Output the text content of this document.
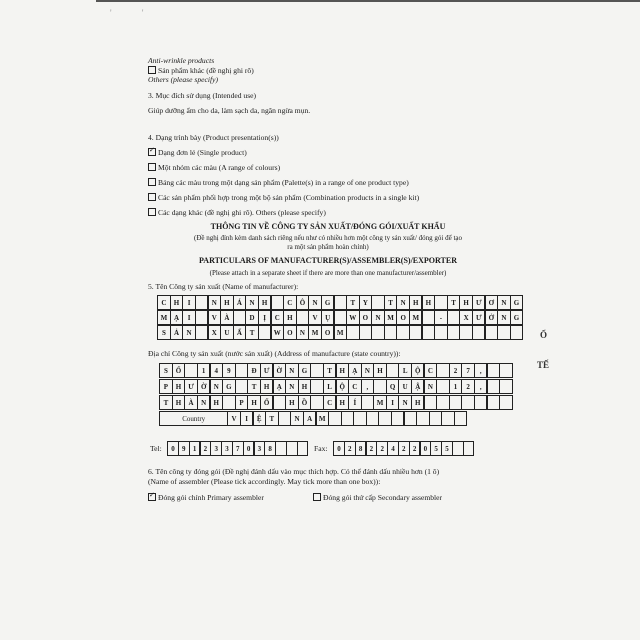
' '
Anti-wrinkle products
Sản phẩm khác (đề nghị ghi rõ)
Others (please specify)
3. Mục đích sử dụng (Intended use)
Giúp dưỡng ẩm cho da, làm sạch da, ngăn ngừa mụn.
4. Dạng trình bày (Product presentation(s))
✓Dạng đơn lẻ (Single product)
Một nhóm các màu (A range of colours)
Bảng các màu trong một dạng sản phẩm (Palette(s) in a range of one product type)
Các sản phẩm phối hợp trong một bộ sản phẩm (Combination products in a single kit)
Các dạng khác (đề nghị ghi rõ). Others (please specify)
THÔNG TIN VỀ CÔNG TY SẢN XUẤT/ĐÓNG GÓI/XUẤT KHẨU
(Đề nghị đính kèm danh sách riêng nếu như có nhiều hơn một công ty sản xuất/ đóng gói để tạo
ra một sản phẩm hoàn chỉnh)
PARTICULARS OF MANUFACTURER(S)/ASSEMBLER(S)/EXPORTER
(Please attach in a separate sheet if there are more than one manufacturer/assembler)
5. Tên Công ty sản xuất (Name of manufacturer):
C	H	I	N	H	Á	N	H	C	Ô	N	G	T	Y	T	N	H	H	T	H	Ư	Ơ	N	G
M Ạ	I	V	À	D	Ị	C	H	V	Ụ	W O	N M O M	-	X	Ư	Ở	N	G
S	Ả	N	X	U	Ấ	T	W O	N M O M
Địa chỉ Công ty sản xuất (nước sản xuất) (Address of manufacture (state country)):
S	Ố	1	4	9	Đ	Ư	Ờ	N	G	T	H	Ạ	N	H	L	Ộ	C	2	7	,
P	H	Ư	Ờ	N	G	T	H	Ạ	N	H	L	Ộ	C	,	Q	U	Ậ	N	1	2	,
T	H	À	N	H	P	H	Ố	H	Ồ	C	H	Í	M	I	N	H
Country	V	I	Ệ	T	N	A M
Tel:	0	9	1	2	3	3	7	0	3	8	Fax:	0	2	8	2	2	4	2	2	0	5	5
6. Tên công ty đóng gói (Đề nghị đánh dấu vào mục thích hợp. Có thể đánh dấu nhiều hơn (1 ô)
(Name of assembler (Please tick accordingly. May tick more than one box)):
✓Đóng gói chính Primary assembler	Đóng gói thứ cấp Secondary assembler
Ổ
TẾ
